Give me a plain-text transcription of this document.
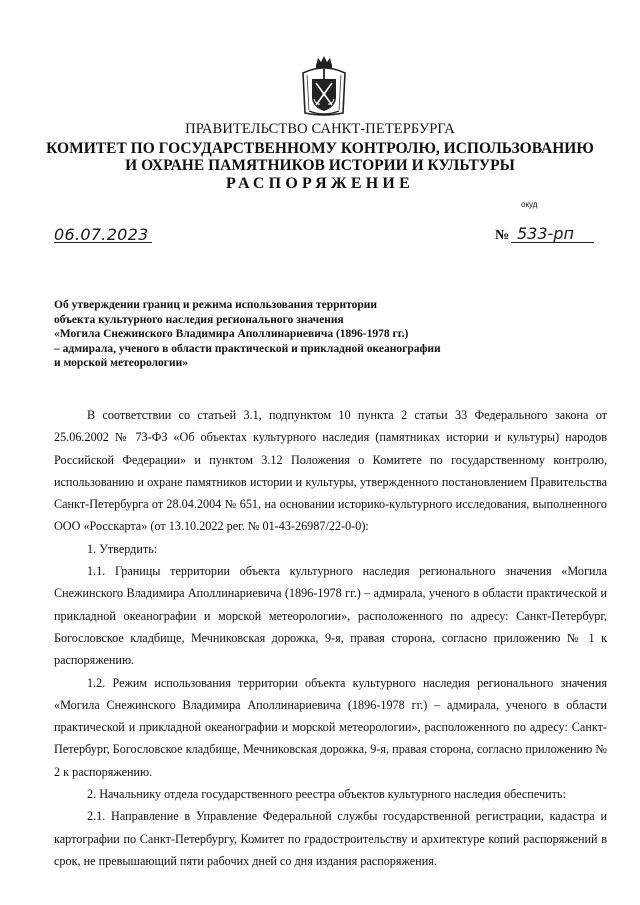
ПРАВИТЕЛЬСТВО САНКТ-ПЕТЕРБУРГА
КОМИТЕТ ПО ГОСУДАРСТВЕННОМУ КОНТРОЛЮ, ИСПОЛЬЗОВАНИЮ
И ОХРАНЕ ПАМЯТНИКОВ ИСТОРИИ И КУЛЬТУРЫ
РАСПОРЯЖЕНИЕ
окуд
06.07.2023	№ 533-рп
Об утверждении границ и режима использования территории
объекта культурного наследия регионального значения
«Могила Снежинского Владимира Аполлинариевича (1896-1978 гг.)
– адмирала, ученого в области практической и прикладной океанографии
и морской метеорологии»

В соответствии со статьей 3.1, подпунктом 10 пункта 2 статьи 33 Федерального закона от 25.06.2002 № 73-ФЗ «Об объектах культурного наследия (памятниках истории и культуры) народов Российской Федерации» и пунктом 3.12 Положения о Комитете по государственному контролю, использованию и охране памятников истории и культуры, утвержденного постановлением Правительства Санкт-Петербурга от 28.04.2004 № 651, на основании историко-культурного исследования, выполненного ООО «Росскарта» (от 13.10.2022 рег. № 01-43-26987/22-0-0):

1. Утвердить:

1.1. Границы территории объекта культурного наследия регионального значения «Могила Снежинского Владимира Аполлинариевича (1896-1978 гг.) – адмирала, ученого в области практической и прикладной океанографии и морской метеорологии», расположенного по адресу: Санкт-Петербург, Богословское кладбище, Мечниковская дорожка, 9-я, правая сторона, согласно приложению № 1 к распоряжению.

1.2. Режим использования территории объекта культурного наследия регионального значения «Могила Снежинского Владимира Аполлинариевича (1896-1978 гг.) – адмирала, ученого в области практической и прикладной океанографии и морской метеорологии», расположенного по адресу: Санкт-Петербург, Богословское кладбище, Мечниковская дорожка, 9-я, правая сторона, согласно приложению № 2 к распоряжению.

2. Начальнику отдела государственного реестра объектов культурного наследия обеспечить:

2.1. Направление в Управление Федеральной службы государственной регистрации, кадастра и картографии по Санкт-Петербургу, Комитет по градостроительству и архитектуре копий распоряжений в срок, не превышающий пяти рабочих дней со дня издания распоряжения.
